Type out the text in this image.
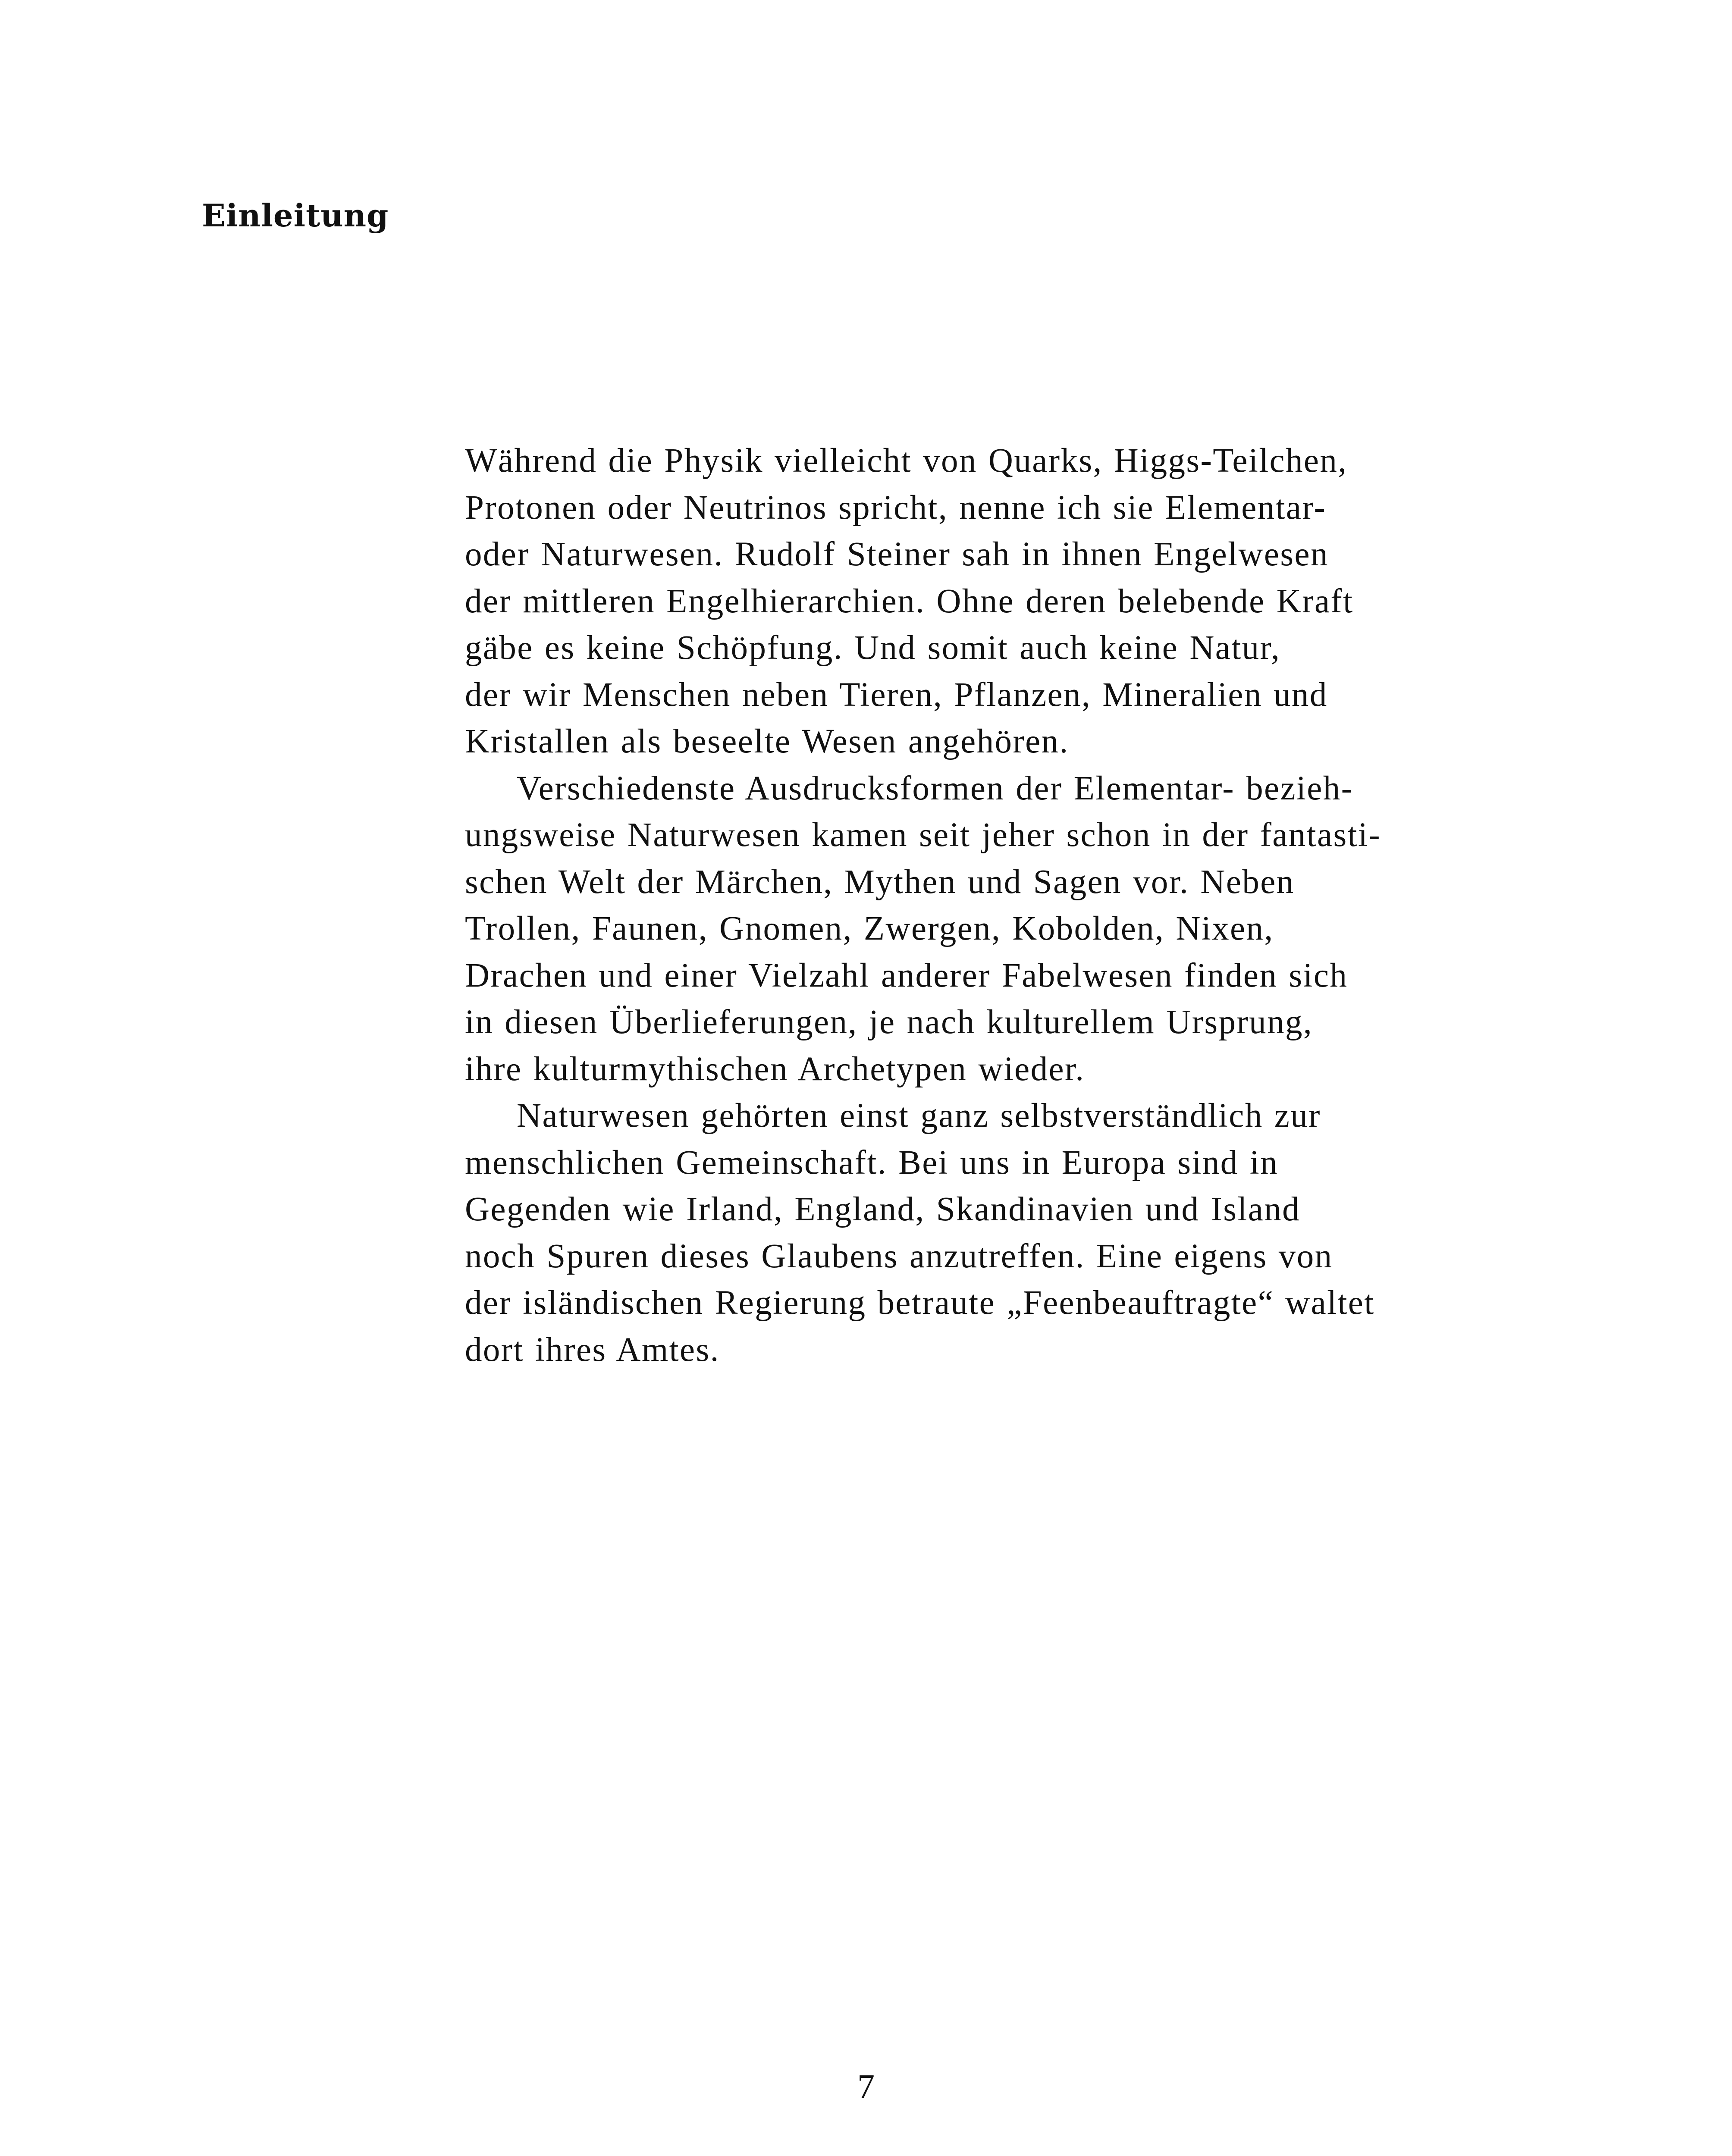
Einleitung

Während die Physik vielleicht von Quarks, Higgs-Teilchen,
Protonen oder Neutrinos spricht, nenne ich sie Elementar-
oder Naturwesen. Rudolf Steiner sah in ihnen Engelwesen
der mittleren Engelhierarchien. Ohne deren belebende Kraft
gäbe es keine Schöpfung. Und somit auch keine Natur,
der wir Menschen neben Tieren, Pflanzen, Mineralien und
Kristallen als beseelte Wesen angehören.

Verschiedenste Ausdrucksformen der Elementar- bezieh-
ungsweise Naturwesen kamen seit jeher schon in der fantasti-
schen Welt der Märchen, Mythen und Sagen vor. Neben
Trollen, Faunen, Gnomen, Zwergen, Kobolden, Nixen,
Drachen und einer Vielzahl anderer Fabelwesen finden sich
in diesen Überlieferungen, je nach kulturellem Ursprung,
ihre kulturmythischen Archetypen wieder.

Naturwesen gehörten einst ganz selbstverständlich zur
menschlichen Gemeinschaft. Bei uns in Europa sind in
Gegenden wie Irland, England, Skandinavien und Island
noch Spuren dieses Glaubens anzutreffen. Eine eigens von
der isländischen Regierung betraute „Feenbeauftragte“ waltet
dort ihres Amtes.

7
